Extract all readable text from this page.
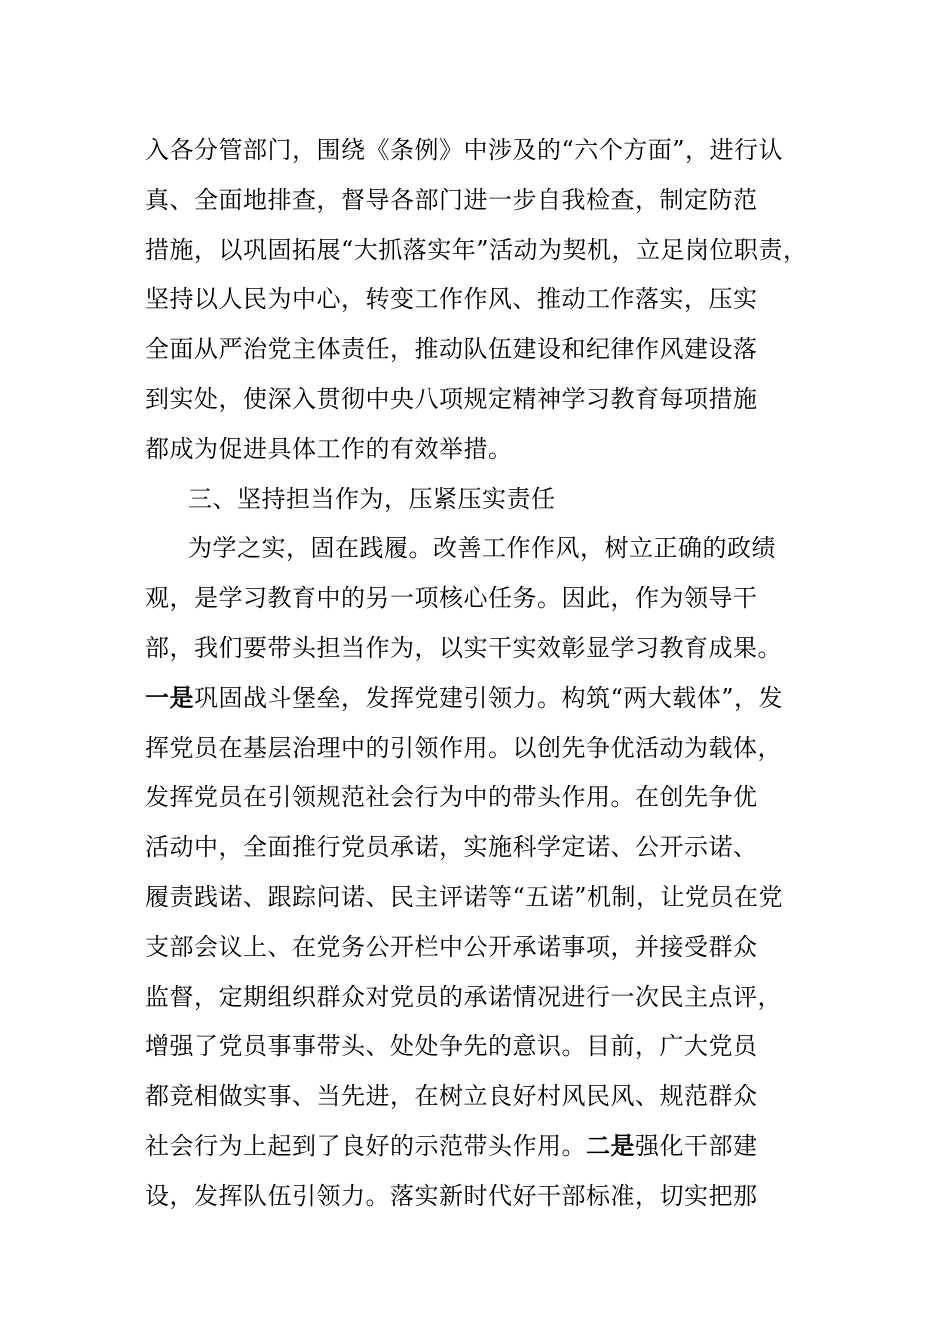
入各分管部门，围绕《条例》中涉及的“六个方面”，进行认
真、全面地排查，督导各部门进一步自我检查，制定防范
措施，以巩固拓展“大抓落实年”活动为契机，立足岗位职责，
坚持以人民为中心，转变工作作风、推动工作落实，压实
全面从严治党主体责任，推动队伍建设和纪律作风建设落
到实处，使深入贯彻中央八项规定精神学习教育每项措施
都成为促进具体工作的有效举措。
三、坚持担当作为，压紧压实责任
为学之实，固在践履。改善工作作风，树立正确的政绩
观，是学习教育中的另一项核心任务。因此，作为领导干
部，我们要带头担当作为，以实干实效彰显学习教育成果。
一是巩固战斗堡垒，发挥党建引领力。构筑“两大载体”，发
挥党员在基层治理中的引领作用。以创先争优活动为载体，
发挥党员在引领规范社会行为中的带头作用。在创先争优
活动中，全面推行党员承诺，实施科学定诺、公开示诺、
履责践诺、跟踪问诺、民主评诺等“五诺”机制，让党员在党
支部会议上、在党务公开栏中公开承诺事项，并接受群众
监督，定期组织群众对党员的承诺情况进行一次民主点评，
增强了党员事事带头、处处争先的意识。目前，广大党员
都竞相做实事、当先进，在树立良好村风民风、规范群众
社会行为上起到了良好的示范带头作用。二是强化干部建
设，发挥队伍引领力。落实新时代好干部标准，切实把那
